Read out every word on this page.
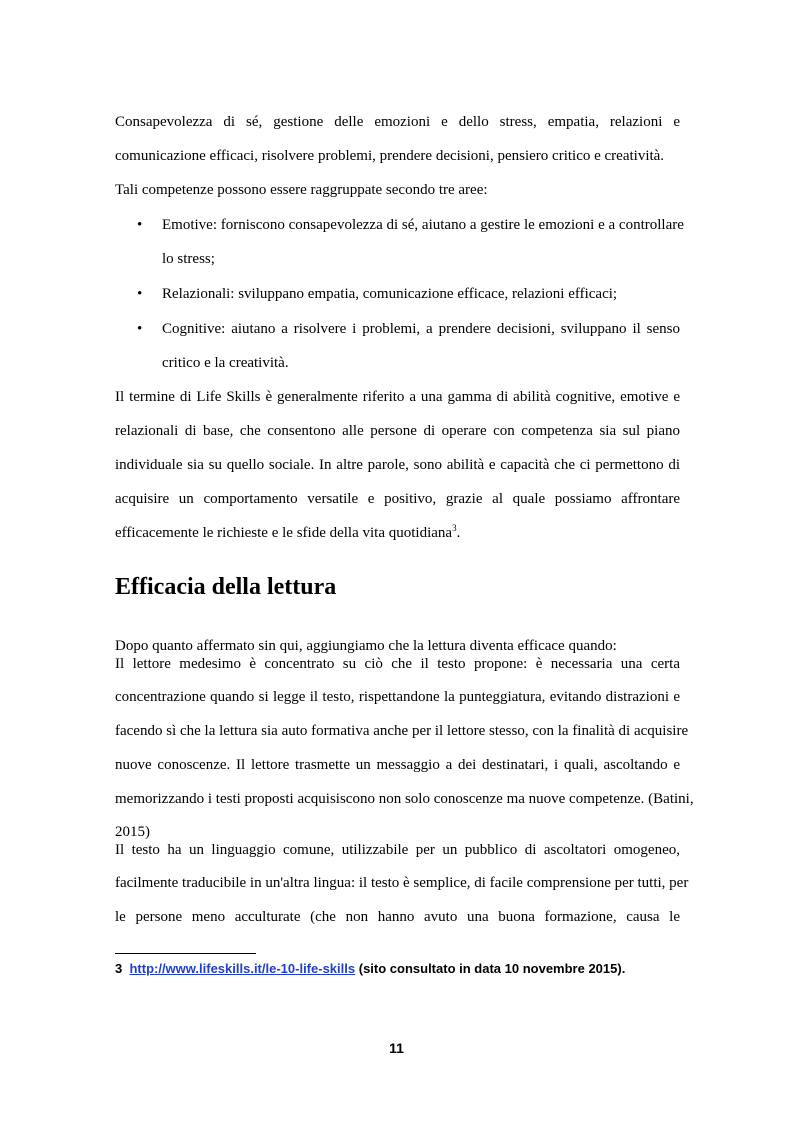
Consapevolezza di sé, gestione delle emozioni e dello stress, empatia, relazioni e
comunicazione efficaci, risolvere problemi, prendere decisioni, pensiero critico e creatività.
Tali competenze possono essere raggruppate secondo tre aree:
• Emotive: forniscono consapevolezza di sé, aiutano a gestire le emozioni e a controllare
lo stress;
• Relazionali: sviluppano empatia, comunicazione efficace, relazioni efficaci;
• Cognitive: aiutano a risolvere i problemi, a prendere decisioni, sviluppano il senso
critico e la creatività.
Il termine di Life Skills è generalmente riferito a una gamma di abilità cognitive, emotive e
relazionali di base, che consentono alle persone di operare con competenza sia sul piano
individuale sia su quello sociale. In altre parole, sono abilità e capacità che ci permettono di
acquisire un comportamento versatile e positivo, grazie al quale possiamo affrontare
efficacemente le richieste e le sfide della vita quotidiana$^3$.
Efficacia della lettura
Dopo quanto affermato sin qui, aggiungiamo che la lettura diventa efficace quando:
Il lettore medesimo è concentrato su ciò che il testo propone: è necessaria una certa
concentrazione quando si legge il testo, rispettandone la punteggiatura, evitando distrazioni e
facendo sì che la lettura sia auto formativa anche per il lettore stesso, con la finalità di acquisire
nuove conoscenze. Il lettore trasmette un messaggio a dei destinatari, i quali, ascoltando e
memorizzando i testi proposti acquisiscono non solo conoscenze ma nuove competenze. (Batini,
2015)
Il testo ha un linguaggio comune, utilizzabile per un pubblico di ascoltatori omogeneo,
facilmente traducibile in un'altra lingua: il testo è semplice, di facile comprensione per tutti, per
le persone meno acculturate (che non hanno avuto una buona formazione, causa le
3 http://www.lifeskills.it/le-10-life-skills (sito consultato in data 10 novembre 2015).
11
